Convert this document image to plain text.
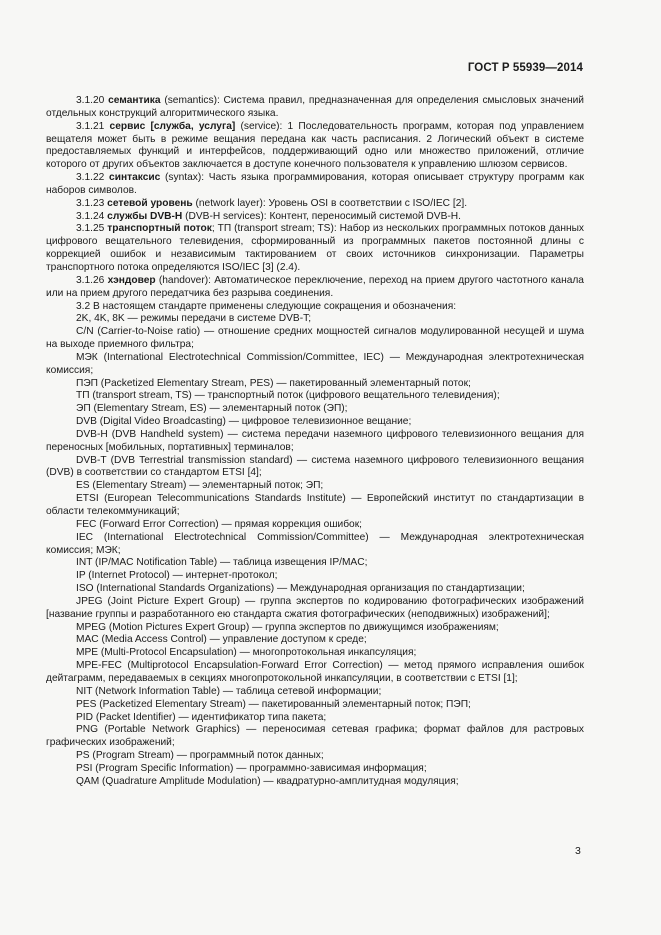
ГОСТ Р 55939—2014

3.1.20 семантика (semantics): Система правил, предназначенная для определения смысловых значений отдельных конструкций алгоритмического языка.

3.1.21 сервис [служба, услуга] (service): 1 Последовательность программ, которая под управлением вещателя может быть в режиме вещания передана как часть расписания. 2 Логический объект в системе предоставляемых функций и интерфейсов, поддерживающий одно или множество приложений, отличие которого от других объектов заключается в доступе конечного пользователя к управлению шлюзом сервисов.

3.1.22 синтаксис (syntax): Часть языка программирования, которая описывает структуру программ как наборов символов.

3.1.23 сетевой уровень (network layer): Уровень OSI в соответствии с ISO/IEC [2].

3.1.24 службы DVB-H (DVB-H services): Контент, переносимый системой DVB-H.

3.1.25 транспортный поток; ТП (transport stream; TS): Набор из нескольких программных потоков данных цифрового вещательного телевидения, сформированный из программных пакетов постоянной длины с коррекцией ошибок и независимым тактированием от своих источников синхронизации. Параметры транспортного потока определяются ISO/IEC [3] (2.4).

3.1.26 хэндовер (handover): Автоматическое переключение, переход на прием другого частотного канала или на прием другого передатчика без разрыва соединения.

3.2 В настоящем стандарте применены следующие сокращения и обозначения:

2K, 4K, 8K — режимы передачи в системе DVB-T;

C/N (Carrier-to-Noise ratio) — отношение средних мощностей сигналов модулированной несущей и шума на выходе приемного фильтра;

МЭК (International Electrotechnical Commission/Committee, IEC) — Международная электротехническая комиссия;

ПЭП (Packetized Elementary Stream, PES) — пакетированный элементарный поток;

ТП (transport stream, TS) — транспортный поток (цифрового вещательного телевидения);

ЭП (Elementary Stream, ES) — элементарный поток (ЭП);

DVB (Digital Video Broadcasting) — цифровое телевизионное вещание;

DVB-H (DVB Handheld system) — система передачи наземного цифрового телевизионного вещания для переносных [мобильных, портативных] терминалов;

DVB-T (DVB Terrestrial transmission standard) — система наземного цифрового телевизионного вещания (DVB) в соответствии со стандартом ETSI [4];

ES (Elementary Stream) — элементарный поток; ЭП;

ETSI (European Telecommunications Standards Institute) — Европейский институт по стандартизации в области телекоммуникаций;

FEC (Forward Error Correction) — прямая коррекция ошибок;

IEC (International Electrotechnical Commission/Committee) — Международная электротехническая комиссия; МЭК;

INT (IP/MAC Notification Table) — таблица извещения IP/MAC;

IP (Internet Protocol) — интернет-протокол;

ISO (International Standards Organizations) — Международная организация по стандартизации;

JPEG (Joint Picture Expert Group) — группа экспертов по кодированию фотографических изображений [название группы и разработанного ею стандарта сжатия фотографических (неподвижных) изображений];

MPEG (Motion Pictures Expert Group) — группа экспертов по движущимся изображениям;

MAC (Media Access Control) — управление доступом к среде;

MPE (Multi-Protocol Encapsulation) — многопротокольная инкапсуляция;

MPE-FEC (Multiprotocol Encapsulation-Forward Error Correction) — метод прямого исправления ошибок дейтаграмм, передаваемых в секциях многопротокольной инкапсуляции, в соответствии с ETSI [1];

NIT (Network Information Table) — таблица сетевой информации;

PES (Packetized Elementary Stream) — пакетированный элементарный поток; ПЭП;

PID (Packet Identifier) — идентификатор типа пакета;

PNG (Portable Network Graphics) — переносимая сетевая графика; формат файлов для растровых графических изображений;

PS (Program Stream) — программный поток данных;

PSI (Program Specific Information) — программно-зависимая информация;

QAM (Quadrature Amplitude Modulation) — квадратурно-амплитудная модуляция;

3
